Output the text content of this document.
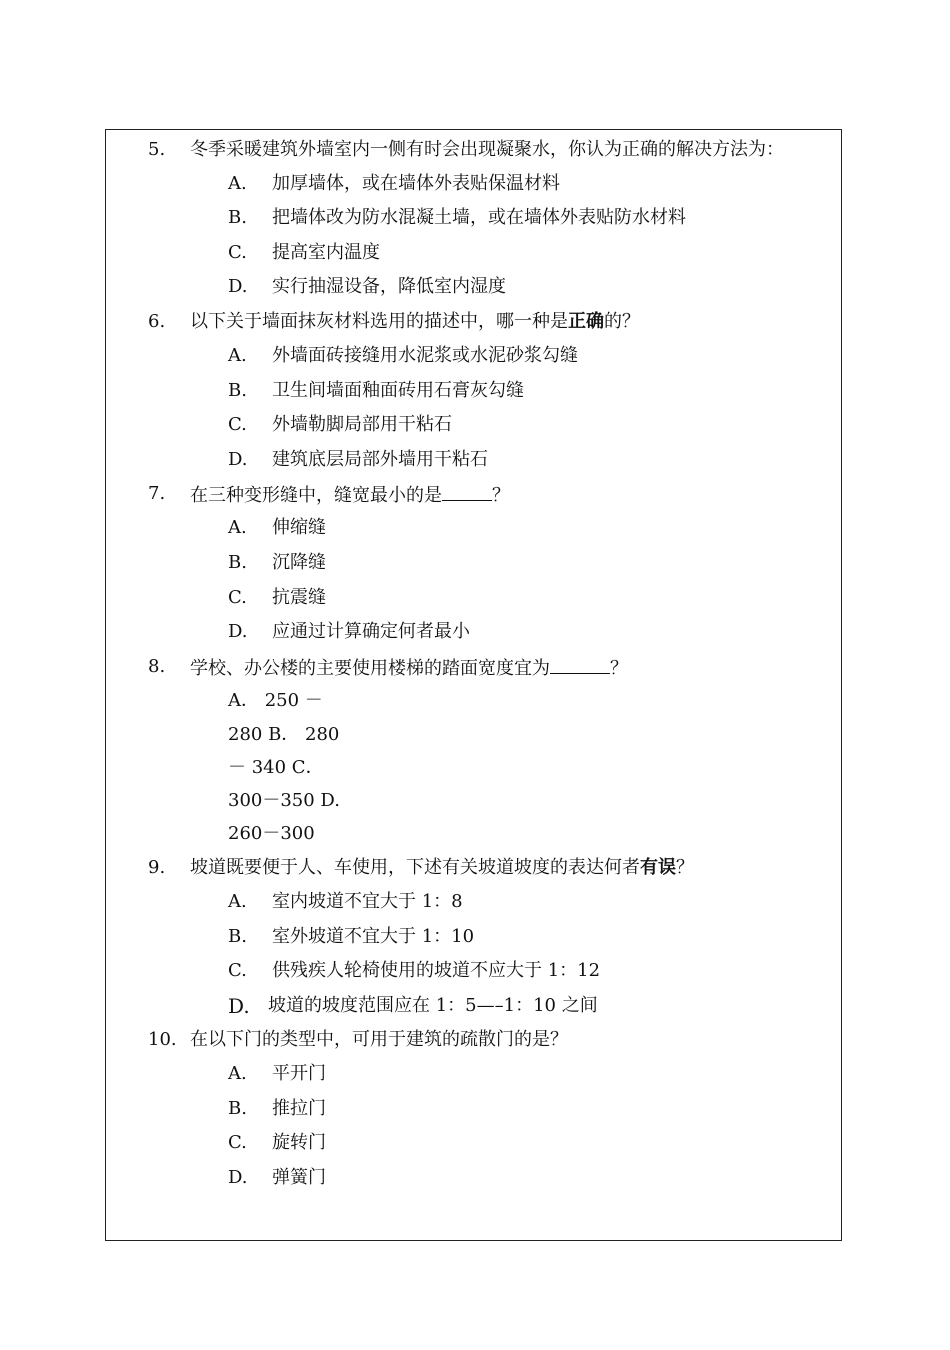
5. 冬季采暖建筑外墙室内一侧有时会出现凝聚水，你认为正确的解决方法为：
A. 加厚墙体，或在墙体外表贴保温材料
B. 把墙体改为防水混凝土墙，或在墙体外表贴防水材料
C. 提高室内温度
D. 实行抽湿设备，降低室内湿度
6. 以下关于墙面抹灰材料选用的描述中，哪一种是正确的？
A. 外墙面砖接缝用水泥浆或水泥砂浆勾缝
B. 卫生间墙面釉面砖用石膏灰勾缝
C. 外墙勒脚局部用干粘石
D. 建筑底层局部外墙用干粘石
7. 在三种变形缝中，缝宽最小的是	？
A. 伸缩缝
B. 沉降缝
C. 抗震缝
D. 应通过计算确定何者最小
8. 学校、办公楼的主要使用楼梯的踏面宽度宜为	？
A． 250 －
280 B． 280
－ 340 C．
300－350 D.
260－300
9. 坡道既要便于人、车使用，下述有关坡道坡度的表达何者有误？
A. 室内坡道不宜大于 1：8
B. 室外坡道不宜大于 1：10
C. 供残疾人轮椅使用的坡道不应大于 1：12
D. 坡道的坡度范围应在 1：5—–1：10 之间
10. 在以下门的类型中，可用于建筑的疏散门的是？
A. 平开门
B. 推拉门
C. 旋转门
D. 弹簧门
